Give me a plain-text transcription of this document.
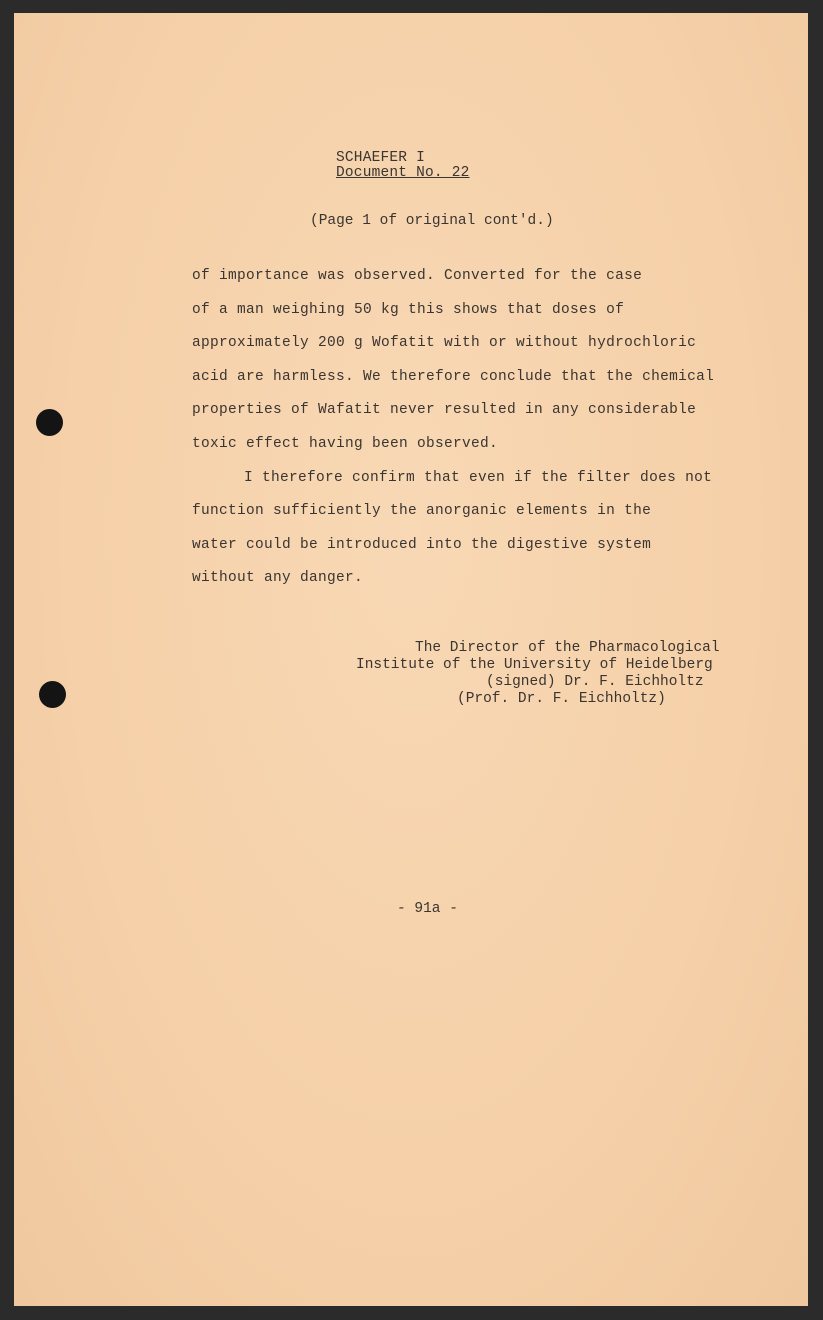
SCHAEFER I
Document No. 22
(Page 1 of original cont'd.)
of importance was observed. Converted for the case
of a man weighing 50 kg this shows that doses of
approximately 200 g Wofatit with or without hydrochloric
acid are harmless. We therefore conclude that the chemical
properties of Wafatit never resulted in any considerable
toxic effect having been observed.
I therefore confirm that even if the filter does not
function sufficiently the anorganic elements in the
water could be introduced into the digestive system
without any danger.
The Director of the Pharmacological
Institute of the University of Heidelberg
(signed) Dr. F. Eichholtz
(Prof. Dr. F. Eichholtz)
- 91a -
